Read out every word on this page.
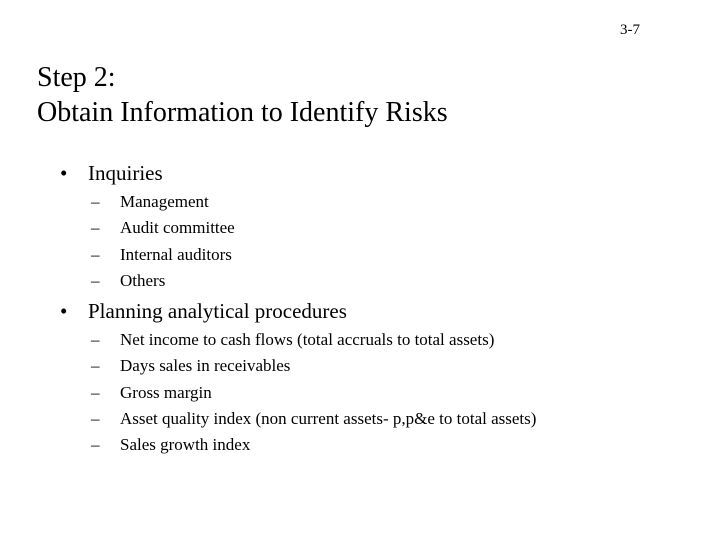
3-7
Step 2:
Obtain Information to Identify Risks
• Inquiries
– Management
– Audit committee
– Internal auditors
– Others
• Planning analytical procedures
– Net income to cash flows (total accruals to total assets)
– Days sales in receivables
– Gross margin
– Asset quality index (non current assets- p,p&e to total assets)
– Sales growth index
